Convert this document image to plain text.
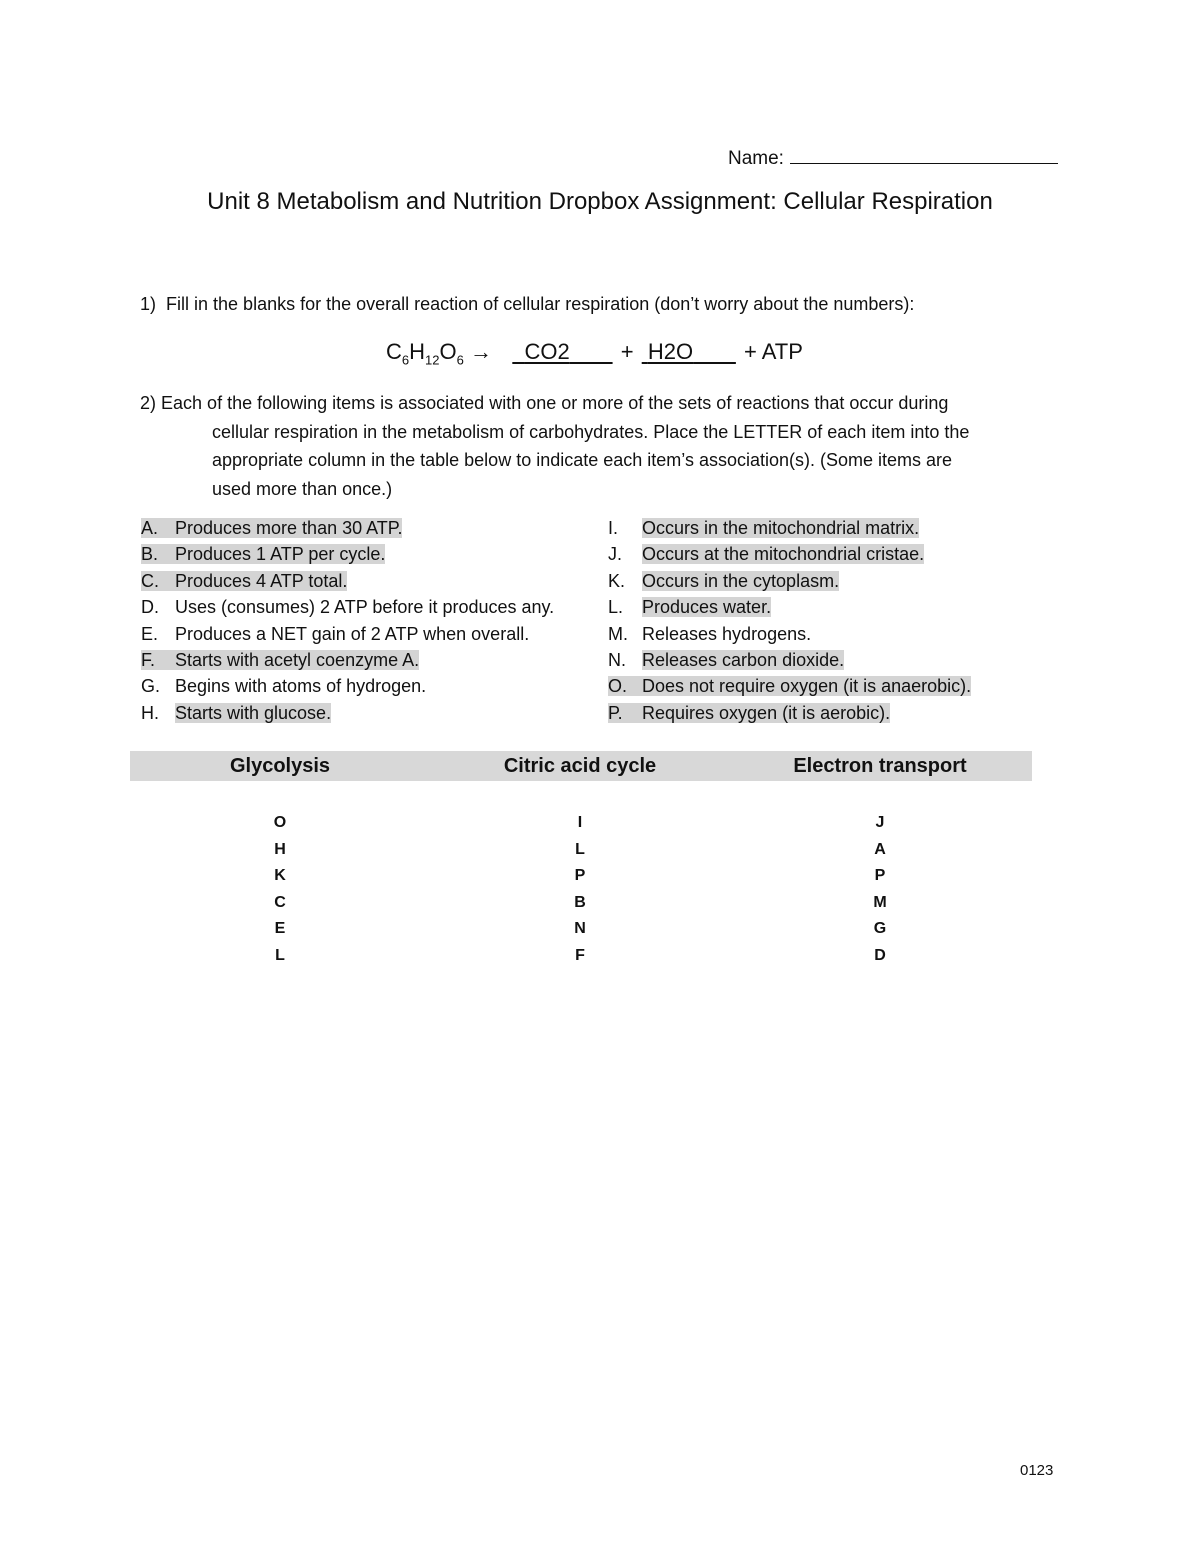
Name:
Unit 8 Metabolism and Nutrition Dropbox Assignment: Cellular Respiration
1) Fill in the blanks for the overall reaction of cellular respiration (don’t worry about the numbers):
$C_6H_{12}O_6 \to CO2 + H2O$ + ATP
2) Each of the following items is associated with one or more of the sets of reactions that occur during
cellular respiration in the metabolism of carbohydrates. Place the LETTER of each item into the
appropriate column in the table below to indicate each item’s association(s). (Some items are
used more than once.)
A. Produces more than 30 ATP.
B. Produces 1 ATP per cycle.
C. Produces 4 ATP total.
D. Uses (consumes) 2 ATP before it produces any.
E. Produces a NET gain of 2 ATP when overall.
F. Starts with acetyl coenzyme A.
G. Begins with atoms of hydrogen.
H. Starts with glucose.
I. Occurs in the mitochondrial matrix.
J. Occurs at the mitochondrial cristae.
K. Occurs in the cytoplasm.
L. Produces water.
M. Releases hydrogens.
N. Releases carbon dioxide.
O. Does not require oxygen (it is anaerobic).
P. Requires oxygen (it is aerobic).
Glycolysis	Citric acid cycle	Electron transport
O
H
K
C
E
L
I
L
P
B
N
F
J
A
P
M
G
D
0123
